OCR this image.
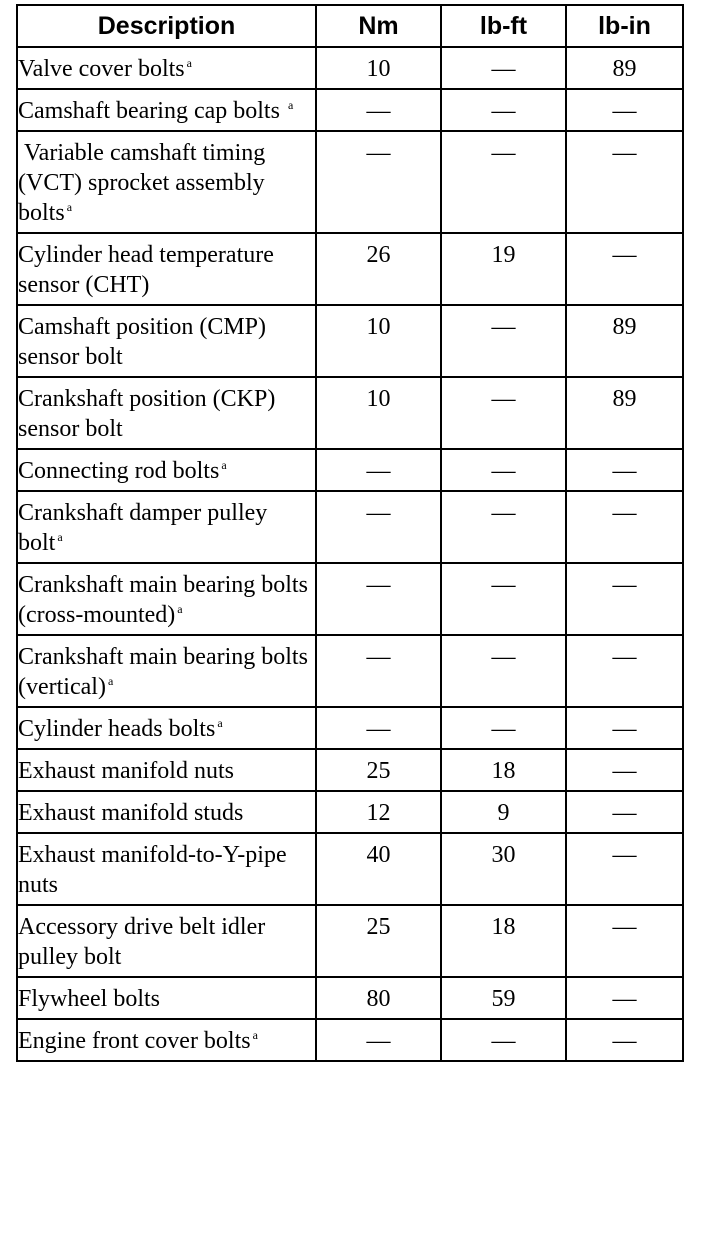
Description	Nm	lb-ft	lb-in
Valve cover bolts $^a$	10	—	89
Camshaft bearing cap bolts $^a$	—	—	—
Variable camshaft timing (VCT) sprocket assembly bolts $^a$	—	—	—
Cylinder head temperature sensor (CHT)	26	19	—
Camshaft position (CMP) sensor bolt	10	—	89
Crankshaft position (CKP) sensor bolt	10	—	89
Connecting rod bolts $^a$	—	—	—
Crankshaft damper pulley bolt $^a$	—	—	—
Crankshaft main bearing bolts (cross-mounted) $^a$	—	—	—
Crankshaft main bearing bolts (vertical) $^a$	—	—	—
Cylinder heads bolts $^a$	—	—	—
Exhaust manifold nuts	25	18	—
Exhaust manifold studs	12	9	—
Exhaust manifold-to-Y-pipe nuts	40	30	—
Accessory drive belt idler pulley bolt	25	18	—
Flywheel bolts	80	59	—
Engine front cover bolts $^a$	—	—	—
